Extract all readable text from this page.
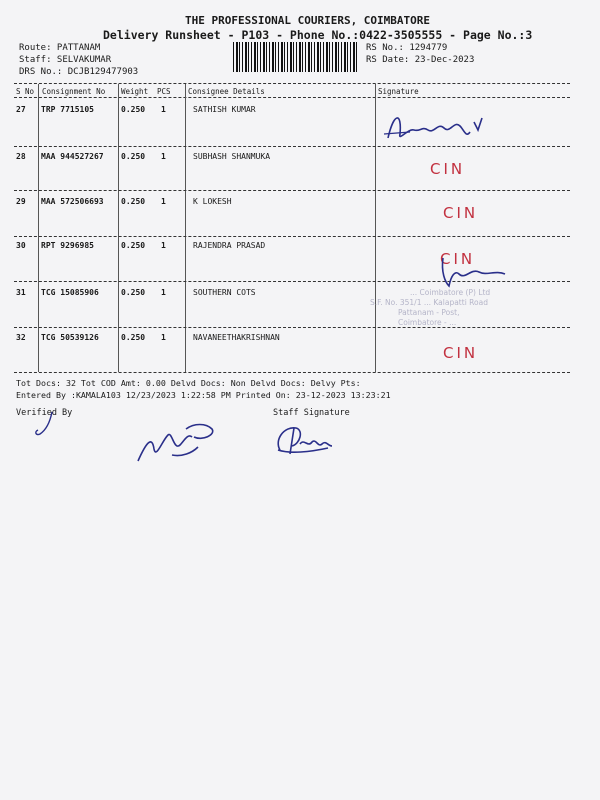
THE PROFESSIONAL COURIERS, COIMBATORE
Delivery Runsheet - P103 - Phone No.:0422-3505555 - Page No.:3
Route: PATTANAM
Staff: SELVAKUMAR
DRS No.: DCJB129477903
RS No.: 1294779
RS Date: 23-Dec-2023
S No Consignment No Weight PCS Consignee Details	Signature
27 TRP 7715105	0.250 1	SATHISH KUMAR
28 MAA 944527267 0.250 1	SUBHASH SHANMUKA
CIN
29 MAA 572506693 0.250 1	K LOKESH
CIN
30 RPT 9296985	0.250 1	RAJENDRA PRASAD
CIN
31 TCG 15085906	0.250 1	SOUTHERN COTS	... Coimbatore (P) Ltd
S.F. No. 351/1 ... Kalapatti Road
Pattanam - Post,
Coimbatore - ...
32 TCG 50539126	0.250 1	NAVANEETHAKRISHNAN
CIN
Tot Docs: 32 Tot COD Amt: 0.00 Delvd Docs: Non Delvd Docs: Delvy Pts:
Entered By :KAMALA103 12/23/2023 1:22:58 PM Printed On: 23-12-2023 13:23:21
Verified By	Staff Signature
